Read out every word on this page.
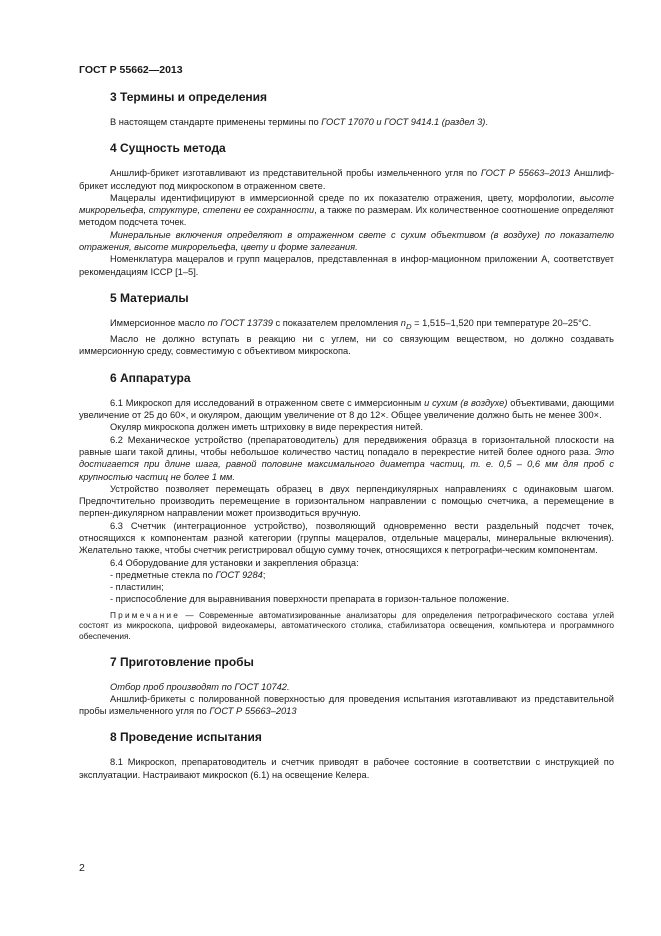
ГОСТ Р 55662—2013
3 Термины и определения

В настоящем стандарте применены термины по ГОСТ 17070 и ГОСТ 9414.1 (раздел 3).

4 Сущность метода

Аншлиф-брикет изготавливают из представительной пробы измельченного угля по ГОСТ Р 55663–2013 Аншлиф-брикет исследуют под микроскопом в отраженном свете.

Мацералы идентифицируют в иммерсионной среде по их показателю отражения, цвету, морфологии, высоте микрорельефа, структуре, степени ее сохранности, а также по размерам. Их количественное соотношение определяют методом подсчета точек.

Минеральные включения определяют в отраженном свете с сухим объективом (в воздухе) по показателю отражения, высоте микрорельефа, цвету и форме залегания.

Номенклатура мацералов и групп мацералов, представленная в инфор-мационном приложении А, соответствует рекомендациям ICCP [1–5].

5 Материалы

Иммерсионное масло по ГОСТ 13739 с показателем преломления $n_D = 1,515-1,520$ при температуре 20–25°С.

Масло не должно вступать в реакцию ни с углем, ни со связующим веществом, но должно создавать иммерсионную среду, совместимую с объективом микроскопа.

6 Аппаратура

6.1 Микроскоп для исследований в отраженном свете с иммерсионным и сухим (в воздухе) объективами, дающими увеличение от 25 до 60×, и окуляром, дающим увеличение от 8 до 12×. Общее увеличение должно быть не менее 300×.

Окуляр микроскопа должен иметь штриховку в виде перекрестия нитей.

6.2 Механическое устройство (препаратоводитель) для передвижения образца в горизонтальной плоскости на равные шаги такой длины, чтобы небольшое количество частиц попадало в перекрестие нитей более одного раза. Это достигается при длине шага, равной половине максимального диаметра частиц, т. е. 0,5 – 0,6 мм для проб с крупностью частиц не более 1 мм.

Устройство позволяет перемещать образец в двух перпендикулярных направлениях с одинаковым шагом. Предпочтительно производить перемещение в горизонтальном направлении с помощью счетчика, а перемещение в перпен-дикулярном направлении может производиться вручную.

6.3 Счетчик (интеграционное устройство), позволяющий одновременно вести раздельный подсчет точек, относящихся к компонентам разной категории (группы мацералов, отдельные мацералы, минеральные включения). Желательно также, чтобы счетчик регистрировал общую сумму точек, относящихся к петрографи-ческим компонентам.

6.4 Оборудование для установки и закрепления образца:

- предметные стекла по ГОСТ 9284;

- пластилин;

- приспособление для выравнивания поверхности препарата в горизон-тальное положение.

Примечание — Современные автоматизированные анализаторы для определения петрографического состава углей состоят из микроскопа, цифровой видеокамеры, автоматического столика, стабилизатора освещения, компьютера и программного обеспечения.

7 Приготовление пробы

Отбор проб производят по ГОСТ 10742.

Аншлиф-брикеты с полированной поверхностью для проведения испытания изготавливают из представительной пробы измельченного угля по ГОСТ Р 55663–2013

8 Проведение испытания

8.1 Микроскоп, препаратоводитель и счетчик приводят в рабочее состояние в соответствии с инструкцией по эксплуатации. Настраивают микроскоп (6.1) на освещение Келера.

2
